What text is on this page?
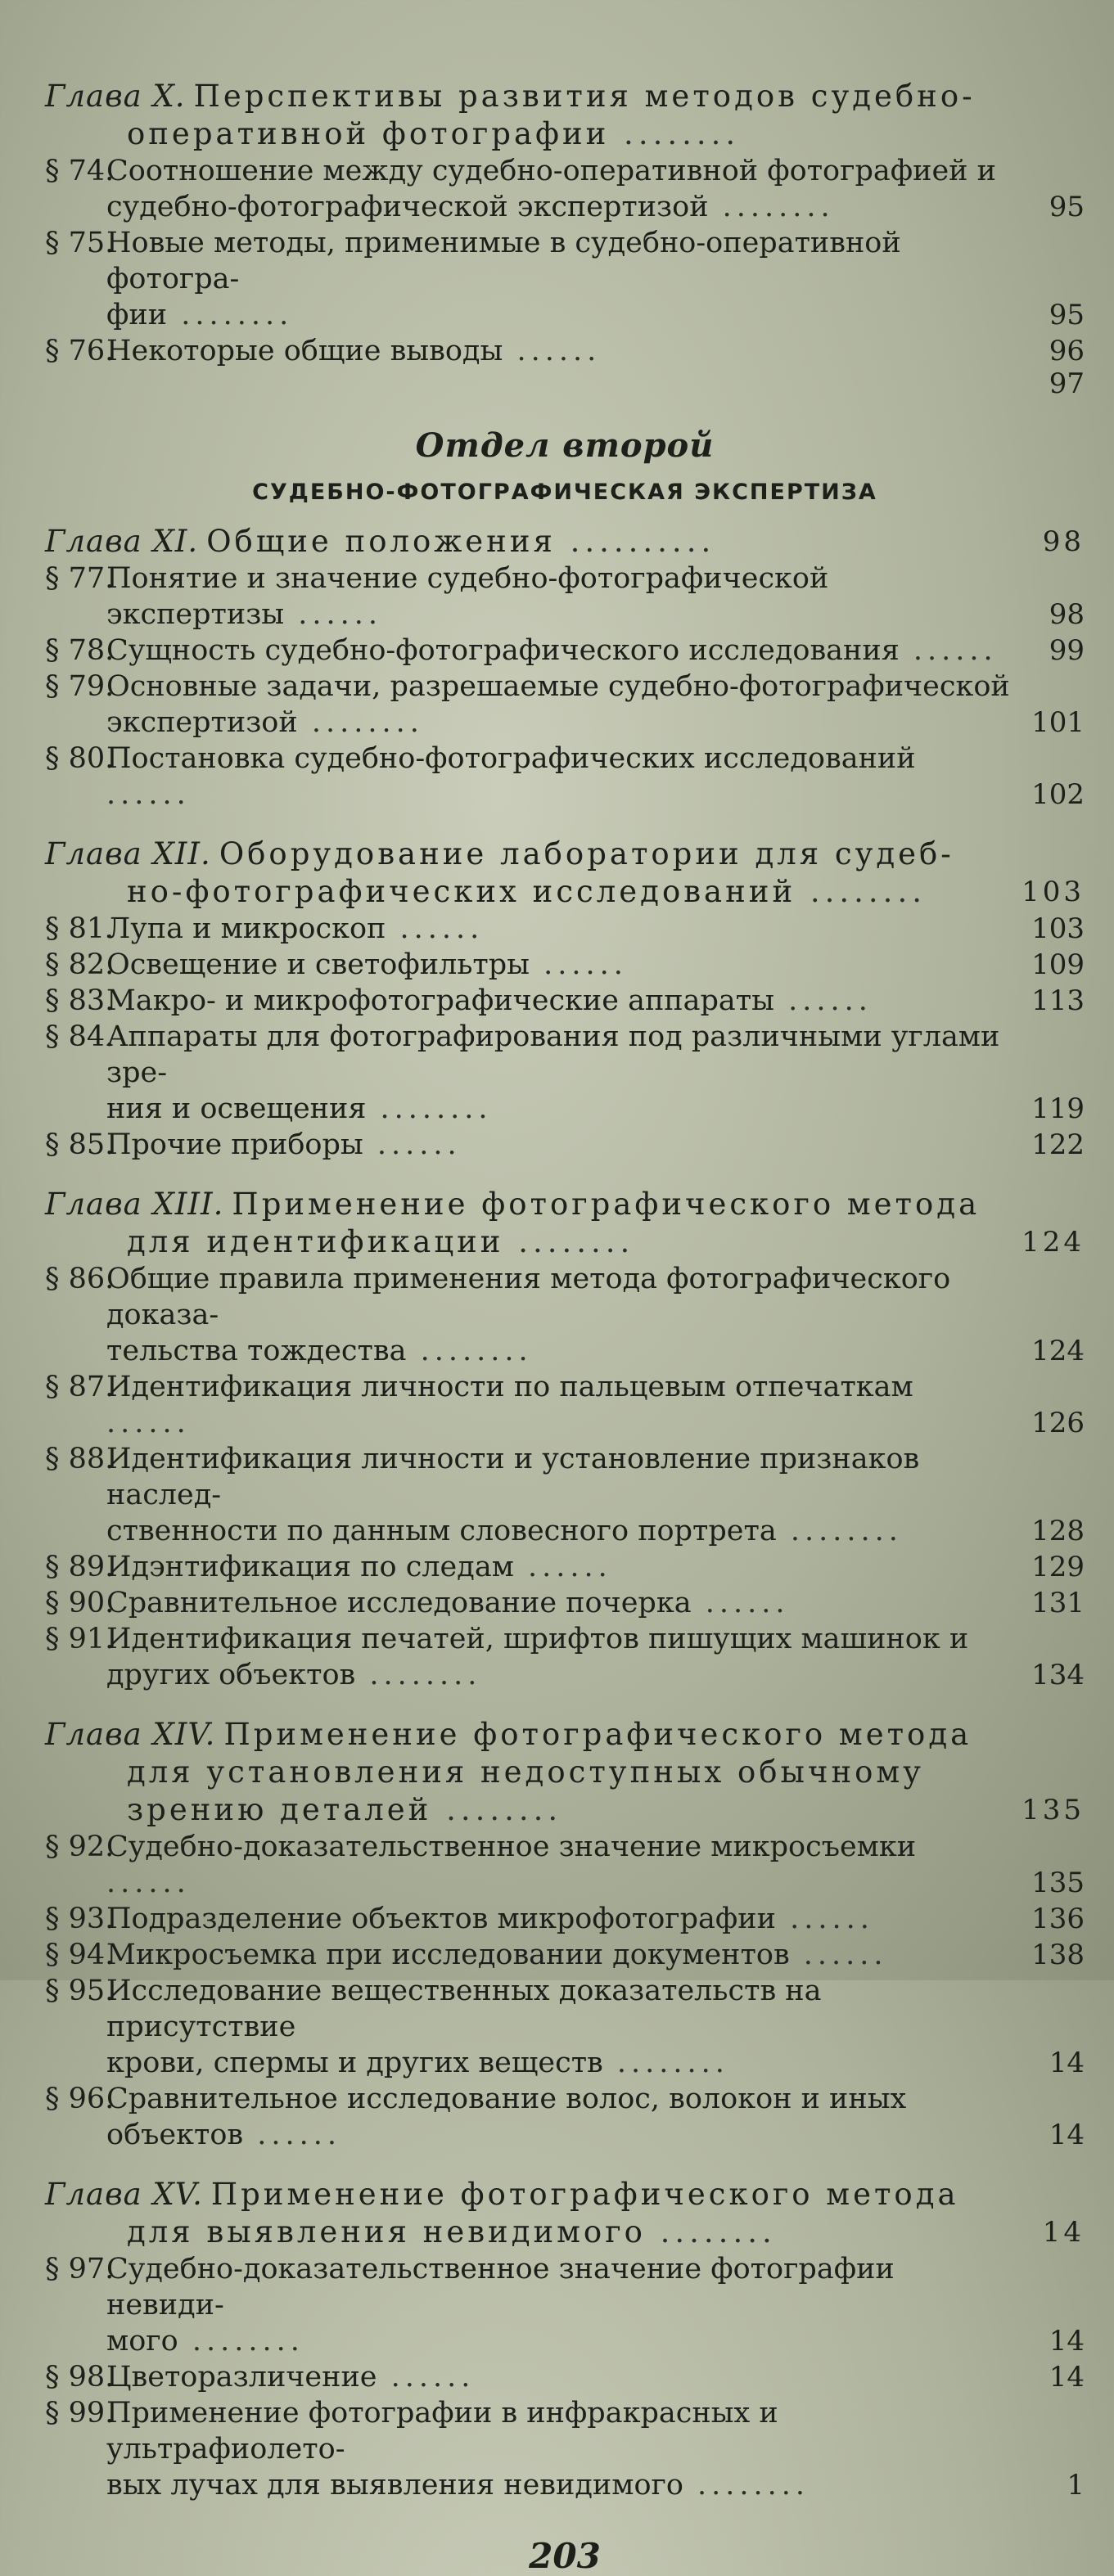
Глава X. Перспективы развития методов судебно-
оперативной фотографии ........
§ 74.
Соотношение между судебно-оперативной фотографией и
судебно-фотографической экспертизой ........	95
§ 75.
Новые методы, применимые в судебно-оперативной фотогра-
фии ........	95
§ 76.
Некоторые общие выводы ......	96
97
Отдел второй
СУДЕБНО-ФОТОГРАФИЧЕСКАЯ ЭКСПЕРТИЗА
Глава XI. Общие положения ..........	98
§ 77.
Понятие и значение судебно-фотографической экспертизы ......	98
§ 78.
Сущность судебно-фотографического исследования ...... 99
§ 79.
Основные задачи, разрешаемые судебно-фотографической
экспертизой ........	101
§ 80.
Постановка судебно-фотографических исследований ......	102
Глава XII. Оборудование лаборатории для судеб-
но-фотографических исследований ........	103
§ 81.
Лупа и микроскоп ......	103
§ 82.
Освещение и светофильтры ......	109
§ 83.
Макро- и микрофотографические аппараты ......	113
§ 84.
Аппараты для фотографирования под различными углами зре-
ния и освещения ........	119
§ 85.
Прочие приборы ......	122
Глава XIII. Применение фотографического метода
для идентификации ........	124
§ 86.
Общие правила применения метода фотографического доказа-
тельства тождества ........	124
§ 87.
Идентификация личности по пальцевым отпечаткам ......	126
§ 88.
Идентификация личности и установление признаков наслед-
ственности по данным словесного портрета ........	128
§ 89.
Идэнтификация по следам ......	129
§ 90.
Сравнительное исследование почерка ......	131
§ 91.
Идентификация печатей, шрифтов пишущих машинок и
других объектов ........	134
Глава XIV. Применение фотографического метода
для установления недоступных обычному зрению деталей ........	135
§ 92.
Судебно-доказательственное значение микросъемки ......	135
§ 93.
Подразделение объектов микрофотографии ......	136
§ 94.
Микросъемка при исследовании документов ......	138
§ 95.
Исследование вещественных доказательств на присутствие
крови, спермы и других веществ ........	14
§ 96.
Сравнительное исследование волос, волокон и иных объектов ......	14
Глава XV. Применение фотографического метода
для выявления невидимого ........	14
§ 97.
Судебно-доказательственное значение фотографии невиди-
мого ........	14
§ 98.
Цветоразличение ......	14
§ 99.
Применение фотографии в инфракрасных и ультрафиолето-
вых лучах для выявления невидимого ........	1
203
